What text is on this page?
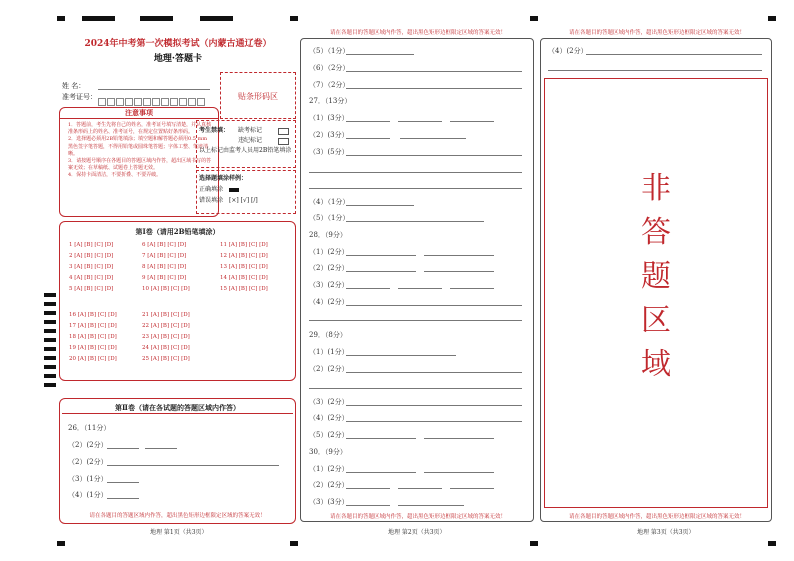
2024年中考第一次模拟考试（内蒙古通辽卷）
地理·答题卡
姓 名：
准考证号：	贴条形码区
注意事项
1．答题前，考生先将自己的姓名，准考证号填写清楚，并认真核准条形码上的姓名、准考证号，在规定位置贴好条形码。
2．选择题必须用2B铅笔填涂；填空题和解答题必须用0.5 mm黑色签字笔答题，不得用铅笔或圆珠笔答题；字体工整、笔迹清晰。
3．请按题号顺序在各题目的答题区域内作答，超出区域书写的答案无效；在草稿纸、试题卷上答题无效。
4．保持卡面清洁，不要折叠、不要弄破。
考生禁填： 缺考标记
违纪标记
以上标记由监考人员用2B铅笔填涂
选择题填涂样例：
正确填涂
错误填涂 [×] [√] [/]
第Ⅰ卷（请用2B铅笔填涂）
1 [A] [B] [C] [D]
2 [A] [B] [C] [D]
3 [A] [B] [C] [D]
4 [A] [B] [C] [D]
5 [A] [B] [C] [D]
6 [A] [B] [C] [D]
7 [A] [B] [C] [D]
8 [A] [B] [C] [D]
9 [A] [B] [C] [D]
10 [A] [B] [C] [D]
11 [A] [B] [C] [D]
12 [A] [B] [C] [D]
13 [A] [B] [C] [D]
14 [A] [B] [C] [D]
15 [A] [B] [C] [D]
16 [A] [B] [C] [D]
17 [A] [B] [C] [D]
18 [A] [B] [C] [D]
19 [A] [B] [C] [D]
20 [A] [B] [C] [D]
21 [A] [B] [C] [D]
22 [A] [B] [C] [D]
23 [A] [B] [C] [D]
24 [A] [B] [C] [D]
25 [A] [B] [C] [D]
第Ⅱ卷（请在各试题的答题区域内作答）
26．（11分）
（2）(2分）
（2）(2分）
（3）(1分）
（4）(1分）
请在各题目的答题区域内作答，超出黑色矩形边框限定区域的答案无效！
地理 第1页（共3页）
请在各题目的答题区域内作答，超出黑色矩形边框限定区域的答案无效！
（5）（1分）
（6）（2分）
（7）（2分）
27．（13分）
（1）(3分）
（2）(3分）
（3）(5分）
（4）（1分）
（5）（1分）
28．（9分）
（1）(2分）
（2）(2分）
（3）(2分）
（4）(2分）
29．（8分）
（1）(1分）
（2）(2分）
（3）(2分）
（4）(2分）
（5）(2分）
30．（9分）
（1）(2分）
（2）(2分）
（3）(3分）
请在各题目的答题区域内作答，超出黑色矩形边框限定区域的答案无效！
地理 第2页（共3页）
请在各题目的答题区域内作答，超出黑色矩形边框限定区域的答案无效！
（4）(2分）
非
答
题
区
域
请在各题目的答题区域内作答，超出黑色矩形边框限定区域的答案无效！
地理 第3页（共3页）
